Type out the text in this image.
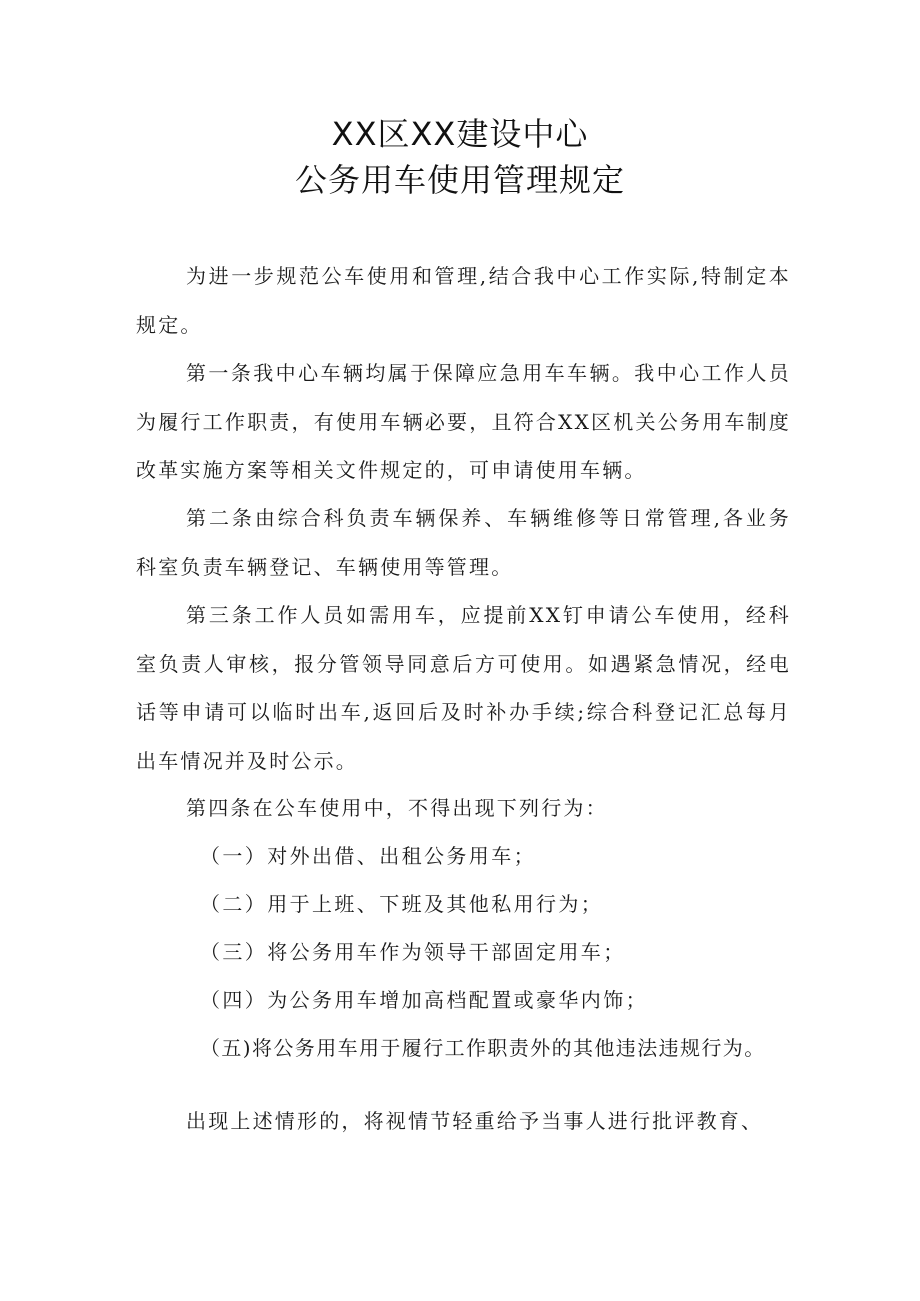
XX区XX建设中心
公务用车使用管理规定

为进一步规范公车使用和管理,结合我中心工作实际,特制定本规定。

第一条我中心车辆均属于保障应急用车车辆。我中心工作人员为履行工作职责，有使用车辆必要，且符合XX区机关公务用车制度改革实施方案等相关文件规定的，可申请使用车辆。

第二条由综合科负责车辆保养、车辆维修等日常管理,各业务科室负责车辆登记、车辆使用等管理。

第三条工作人员如需用车，应提前XX钉申请公车使用，经科室负责人审核，报分管领导同意后方可使用。如遇紧急情况，经电话等申请可以临时出车,返回后及时补办手续;综合科登记汇总每月出车情况并及时公示。

第四条在公车使用中，不得出现下列行为：

（一）对外出借、出租公务用车；

（二）用于上班、下班及其他私用行为；

（三）将公务用车作为领导干部固定用车；

（四）为公务用车增加高档配置或豪华内饰；

（五)将公务用车用于履行工作职责外的其他违法违规行为。

出现上述情形的，将视情节轻重给予当事人进行批评教育、
